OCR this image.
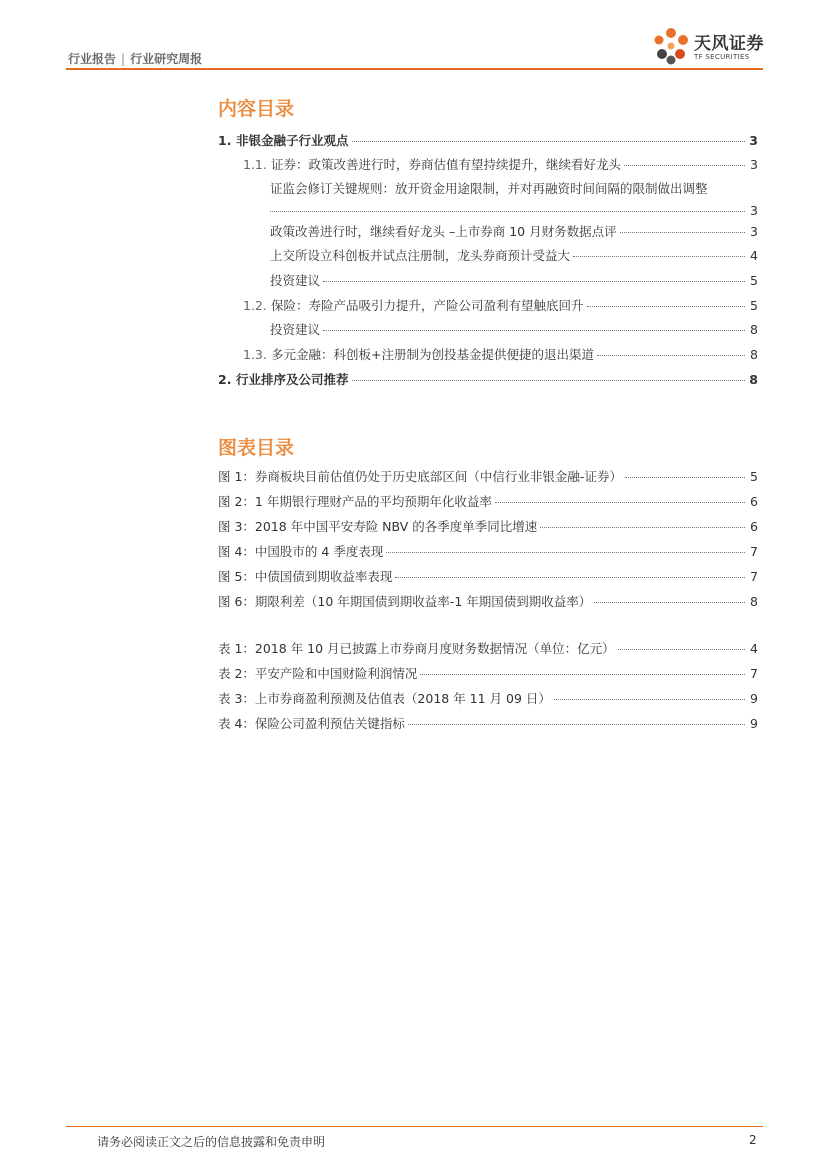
行业报告 | 行业研究周报
天风证券
TF SECURITIES
内容目录
1. 非银金融子行业观点	3
1.1. 证券：政策改善进行时，券商估值有望持续提升，继续看好龙头	3
证监会修订关键规则：放开资金用途限制，并对再融资时间间隔的限制做出调整
3
政策改善进行时，继续看好龙头 –上市券商 10 月财务数据点评	3
上交所设立科创板并试点注册制，龙头券商预计受益大	4
投资建议	5
1.2. 保险：寿险产品吸引力提升，产险公司盈利有望触底回升	5
投资建议	8
1.3. 多元金融：科创板+注册制为创投基金提供便捷的退出渠道	8
2. 行业排序及公司推荐	8
图表目录
图 1：券商板块目前估值仍处于历史底部区间（中信行业非银金融-证券）	5
图 2：1 年期银行理财产品的平均预期年化收益率	6
图 3：2018 年中国平安寿险 NBV 的各季度单季同比增速	6
图 4：中国股市的 4 季度表现	7
图 5：中债国债到期收益率表现	7
图 6：期限利差（10 年期国债到期收益率-1 年期国债到期收益率）	8
表 1：2018 年 10 月已披露上市券商月度财务数据情况（单位：亿元）	4
表 2：平安产险和中国财险利润情况	7
表 3：上市券商盈利预测及估值表（2018 年 11 月 09 日）	9
表 4：保险公司盈利预估关键指标	9
请务必阅读正文之后的信息披露和免责申明	2
